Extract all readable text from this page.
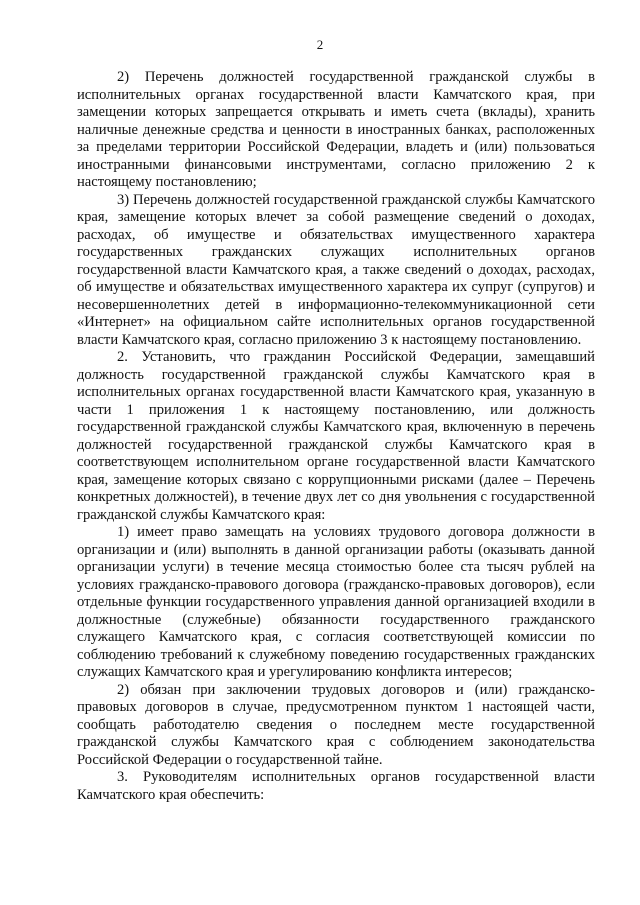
2

2) Перечень должностей государственной гражданской службы в исполнительных органах государственной власти Камчатского края, при замещении которых запрещается открывать и иметь счета (вклады), хранить наличные денежные средства и ценности в иностранных банках, расположенных за пределами территории Российской Федерации, владеть и (или) пользоваться иностранными финансовыми инструментами, согласно приложению 2 к настоящему постановлению;

3) Перечень должностей государственной гражданской службы Камчатского края, замещение которых влечет за собой размещение сведений о доходах, расходах, об имуществе и обязательствах имущественного характера государственных гражданских служащих исполнительных органов государственной власти Камчатского края, а также сведений о доходах, расходах, об имуществе и обязательствах имущественного характера их супруг (супругов) и несовершеннолетних детей в информационно-телекоммуникационной сети «Интернет» на официальном сайте исполнительных органов государственной власти Камчатского края, согласно приложению 3 к настоящему постановлению.

2. Установить, что гражданин Российской Федерации, замещавший должность государственной гражданской службы Камчатского края в исполнительных органах государственной власти Камчатского края, указанную в части 1 приложения 1 к настоящему постановлению, или должность государственной гражданской службы Камчатского края, включенную в перечень должностей государственной гражданской службы Камчатского края в соответствующем исполнительном органе государственной власти Камчатского края, замещение которых связано с коррупционными рисками (далее – Перечень конкретных должностей), в течение двух лет со дня увольнения с государственной гражданской службы Камчатского края:

1) имеет право замещать на условиях трудового договора должности в организации и (или) выполнять в данной организации работы (оказывать данной организации услуги) в течение месяца стоимостью более ста тысяч рублей на условиях гражданско-правового договора (гражданско-правовых договоров), если отдельные функции государственного управления данной организацией входили в должностные (служебные) обязанности государственного гражданского служащего Камчатского края, с согласия соответствующей комиссии по соблюдению требований к служебному поведению государственных гражданских служащих Камчатского края и урегулированию конфликта интересов;

2) обязан при заключении трудовых договоров и (или) гражданско-правовых договоров в случае, предусмотренном пунктом 1 настоящей части, сообщать работодателю сведения о последнем месте государственной гражданской службы Камчатского края с соблюдением законодательства Российской Федерации о государственной тайне.

3. Руководителям исполнительных органов государственной власти Камчатского края обеспечить:
